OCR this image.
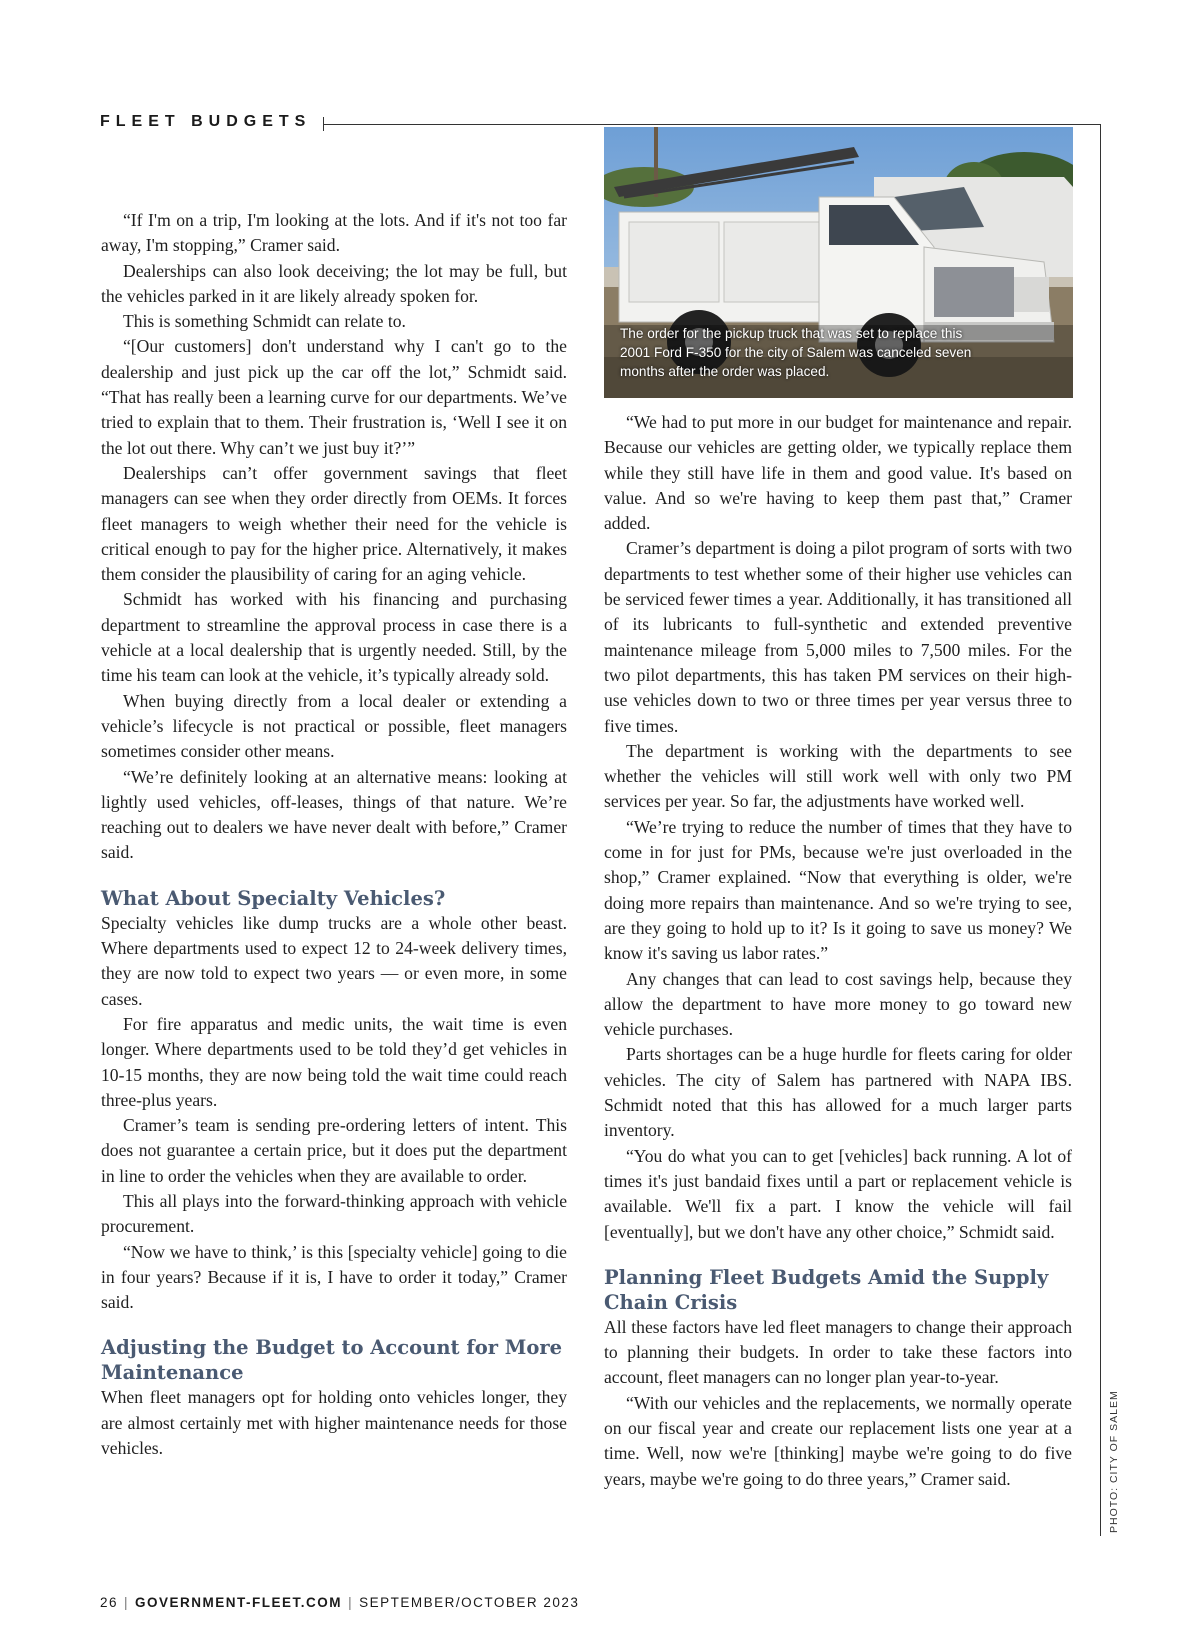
FLEET BUDGETS
The order for the pickup truck that was set to replace this 2001 Ford F-350 for the city of Salem was canceled seven months after the order was placed.
PHOTO: CITY OF SALEM

“If I'm on a trip, I'm looking at the lots. And if it's not too far away, I'm stopping,” Cramer said.

Dealerships can also look deceiving; the lot may be full, but the vehicles parked in it are likely already spoken for.

This is something Schmidt can relate to.

“[Our customers] don't understand why I can't go to the dealership and just pick up the car off the lot,” Schmidt said. “That has really been a learning curve for our departments. We’ve tried to explain that to them. Their frustration is, ‘Well I see it on the lot out there. Why can’t we just buy it?’”

Dealerships can’t offer government savings that fleet managers can see when they order directly from OEMs. It forces fleet managers to weigh whether their need for the vehicle is critical enough to pay for the higher price. Alternatively, it makes them consider the plausibility of caring for an aging vehicle.

Schmidt has worked with his financing and purchasing department to streamline the approval process in case there is a vehicle at a local dealership that is urgently needed. Still, by the time his team can look at the vehicle, it’s typically already sold.

When buying directly from a local dealer or extending a vehicle’s lifecycle is not practical or possible, fleet managers sometimes consider other means.

“We’re definitely looking at an alternative means: looking at lightly used vehicles, off-leases, things of that nature. We’re reaching out to dealers we have never dealt with before,” Cramer said.

What About Specialty Vehicles?

Specialty vehicles like dump trucks are a whole other beast. Where departments used to expect 12 to 24-week delivery times, they are now told to expect two years — or even more, in some cases.

For fire apparatus and medic units, the wait time is even longer. Where departments used to be told they’d get vehicles in 10-15 months, they are now being told the wait time could reach three-plus years.

Cramer’s team is sending pre-ordering letters of intent. This does not guarantee a certain price, but it does put the department in line to order the vehicles when they are available to order.

This all plays into the forward-thinking approach with vehicle procurement.

“Now we have to think,’ is this [specialty vehicle] going to die in four years? Because if it is, I have to order it today,” Cramer said.

Adjusting the Budget to Account for More Maintenance

When fleet managers opt for holding onto vehicles longer, they are almost certainly met with higher maintenance needs for those vehicles.

“We had to put more in our budget for maintenance and repair. Because our vehicles are getting older, we typically replace them while they still have life in them and good value. It's based on value. And so we're having to keep them past that,” Cramer added.

Cramer’s department is doing a pilot program of sorts with two departments to test whether some of their higher use vehicles can be serviced fewer times a year. Additionally, it has transitioned all of its lubricants to full-synthetic and extended preventive maintenance mileage from 5,000 miles to 7,500 miles. For the two pilot departments, this has taken PM services on their high-use vehicles down to two or three times per year versus three to five times.

The department is working with the departments to see whether the vehicles will still work well with only two PM services per year. So far, the adjustments have worked well.

“We’re trying to reduce the number of times that they have to come in for just for PMs, because we're just overloaded in the shop,” Cramer explained. “Now that everything is older, we're doing more repairs than maintenance. And so we're trying to see, are they going to hold up to it? Is it going to save us money? We know it's saving us labor rates.”

Any changes that can lead to cost savings help, because they allow the department to have more money to go toward new vehicle purchases.

Parts shortages can be a huge hurdle for fleets caring for older vehicles. The city of Salem has partnered with NAPA IBS. Schmidt noted that this has allowed for a much larger parts inventory.

“You do what you can to get [vehicles] back running. A lot of times it's just bandaid fixes until a part or replacement vehicle is available. We'll fix a part. I know the vehicle will fail [eventually], but we don't have any other choice,” Schmidt said.

Planning Fleet Budgets Amid the Supply Chain Crisis

All these factors have led fleet managers to change their approach to planning their budgets. In order to take these factors into account, fleet managers can no longer plan year-to-year.

“With our vehicles and the replacements, we normally operate on our fiscal year and create our replacement lists one year at a time. Well, now we're [thinking] maybe we're going to do five years, maybe we're going to do three years,” Cramer said.

26 | GOVERNMENT-FLEET.COM | SEPTEMBER/OCTOBER 2023
